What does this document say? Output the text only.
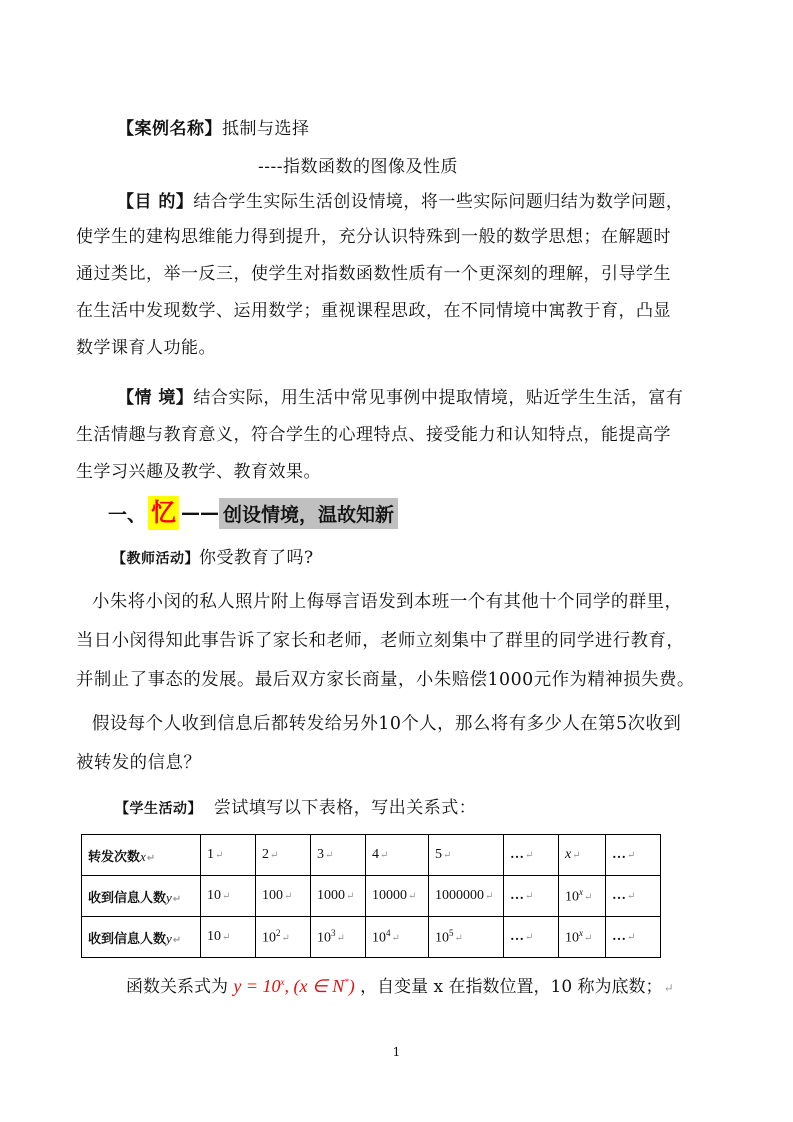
【案例名称】抵制与选择
----指数函数的图像及性质
【目 的】结合学生实际生活创设情境，将一些实际问题归结为数学问题，
使学生的建构思维能力得到提升，充分认识特殊到一般的数学思想；在解题时
通过类比，举一反三，使学生对指数函数性质有一个更深刻的理解，引导学生
在生活中发现数学、运用数学；重视课程思政，在不同情境中寓教于育，凸显
数学课育人功能。
【情 境】结合实际，用生活中常见事例中提取情境，贴近学生生活，富有
生活情趣与教育意义，符合学生的心理特点、接受能力和认知特点，能提高学
生学习兴趣及教学、教育效果。
一、 忆 —— 创设情境，温故知新
【教师活动】你受教育了吗?
小朱将小闵的私人照片附上侮辱言语发到本班一个有其他十个同学的群里，
当日小闵得知此事告诉了家长和老师，老师立刻集中了群里的同学进行教育，
并制止了事态的发展。最后双方家长商量，小朱赔偿1000元作为精神损失费。
假设每个人收到信息后都转发给另外10个人，那么将有多少人在第5次收到
被转发的信息？
【学生活动】 尝试填写以下表格，写出关系式：
转发次数x↵	1↵	2↵	3↵	4↵	5↵	…↵	x↵	…↵
收到信息人数y↵	10↵	100↵	1000↵	10000↵	1000000↵	…↵	10$^x$↵	…↵
收到信息人数y↵	10↵	$10^2↵$	$10^3↵$	$10^4↵$	$10^5↵$	…↵	10$^x$↵	…↵
函数关系式为 $y = 10^x$, (x ∈ N*) ，自变量 x 在指数位置，10 称为底数；↵
1
